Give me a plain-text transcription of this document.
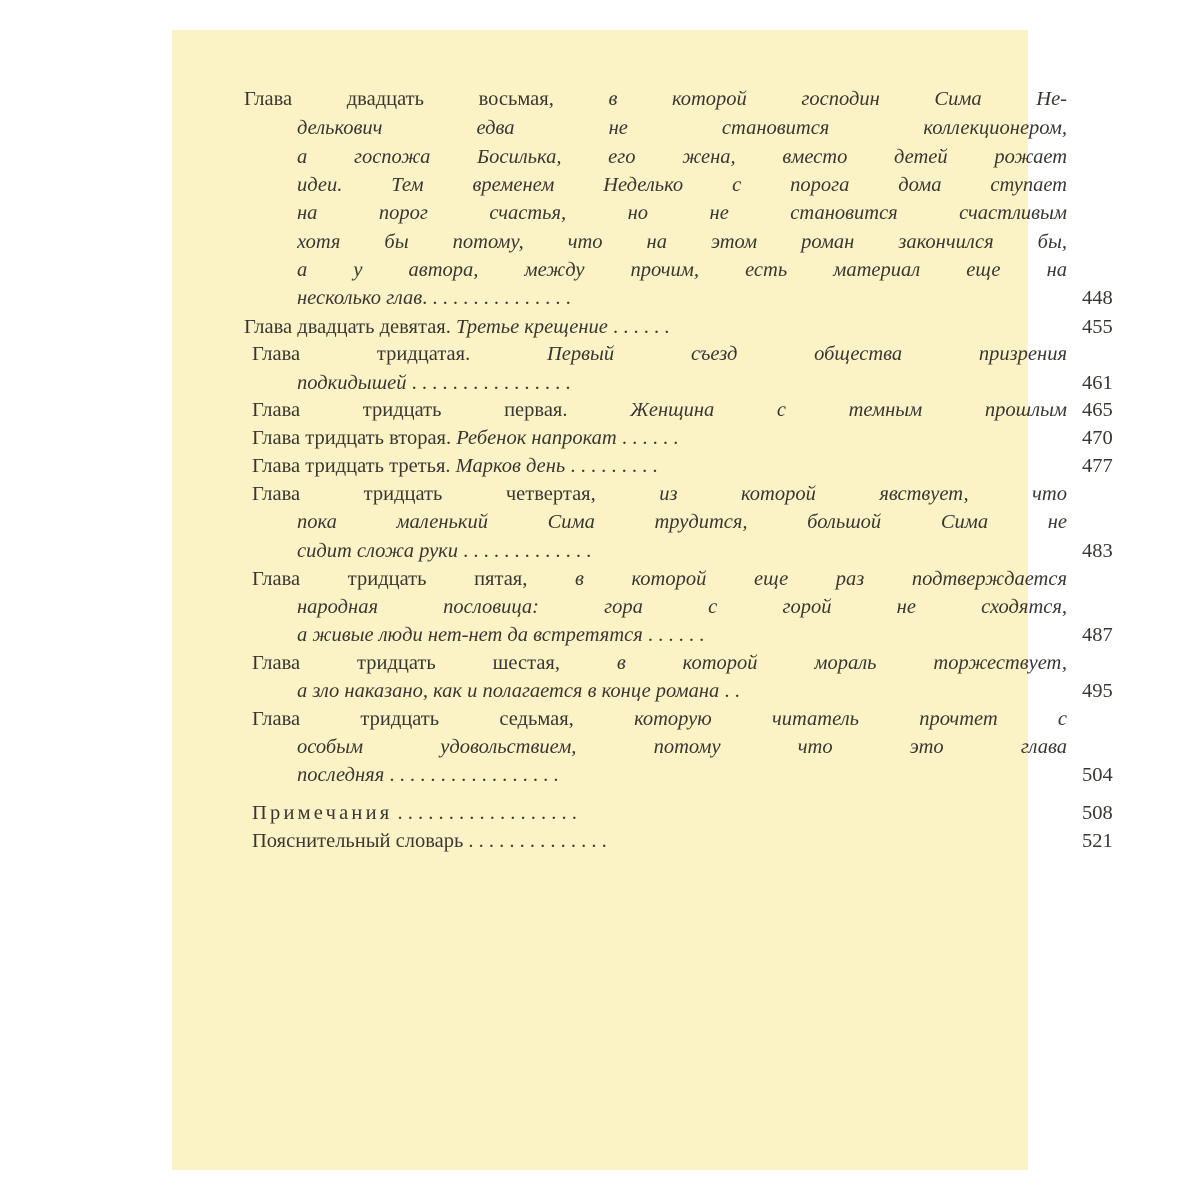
Глава двадцать восьмая, в которой господин Сима Не-
делькович едва не становится коллекционером,
а госпожа Босилька, его жена, вместо детей рожает
идеи. Тем временем Неделько с порога дома ступает
на порог счастья, но не становится счастливым
хотя бы потому, что на этом роман закончился бы,
а у автора, между прочим, есть материал еще на
несколько глав. . . . . . . . . . . . . . .	448
Глава двадцать девятая. Третье крещение . . . . . .	455
Глава тридцатая. Первый съезд общества призрения
подкидышей . . . . . . . . . . . . . . . .	461
Глава тридцать первая. Женщина с темным прошлым 465
Глава тридцать вторая. Ребенок напрокат . . . . . .	470
Глава тридцать третья. Марков день . . . . . . . . .	477
Глава тридцать четвертая, из которой явствует, что
пока маленький Сима трудится, большой Сима не
сидит сложа руки . . . . . . . . . . . . .	483
Глава тридцать пятая, в которой еще раз подтверждается
народная пословица: гора с горой не сходятся,
а живые люди нет-нет да встретятся . . . . . .	487
Глава тридцать шестая, в которой мораль торжествует,
а зло наказано, как и полагается в конце романа . .	495
Глава тридцать седьмая, которую читатель прочтет с
особым удовольствием, потому что это глава
последняя . . . . . . . . . . . . . . . . .	504
Примечания . . . . . . . . . . . . . . . . . .	508
Пояснительный словарь . . . . . . . . . . . . . .	521
